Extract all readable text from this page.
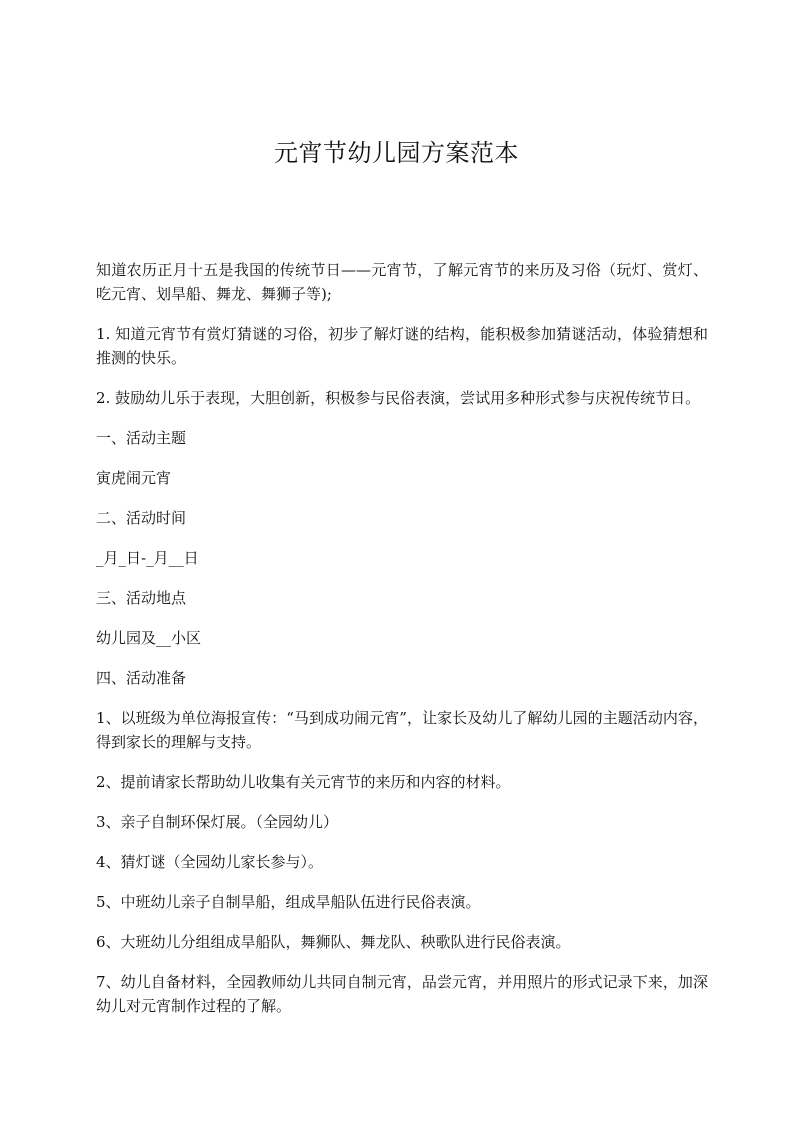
元宵节幼儿园方案范本

知道农历正月十五是我国的传统节日——元宵节，了解元宵节的来历及习俗（玩灯、赏灯、吃元宵、划旱船、舞龙、舞狮子等);

1. 知道元宵节有赏灯猜谜的习俗，初步了解灯谜的结构，能积极参加猜谜活动，体验猜想和推测的快乐。

2. 鼓励幼儿乐于表现，大胆创新，积极参与民俗表演，尝试用多种形式参与庆祝传统节日。

一、活动主题

寅虎闹元宵

二、活动时间

_月_日-_月__日

三、活动地点

幼儿园及__小区

四、活动准备

1、以班级为单位海报宣传：“马到成功闹元宵”，让家长及幼儿了解幼儿园的主题活动内容，得到家长的理解与支持。

2、提前请家长帮助幼儿收集有关元宵节的来历和内容的材料。

3、亲子自制环保灯展。（全园幼儿）

4、猜灯谜（全园幼儿家长参与）。

5、中班幼儿亲子自制旱船，组成旱船队伍进行民俗表演。

6、大班幼儿分组组成旱船队，舞狮队、舞龙队、秧歌队进行民俗表演。

7、幼儿自备材料，全园教师幼儿共同自制元宵，品尝元宵，并用照片的形式记录下来，加深幼儿对元宵制作过程的了解。
